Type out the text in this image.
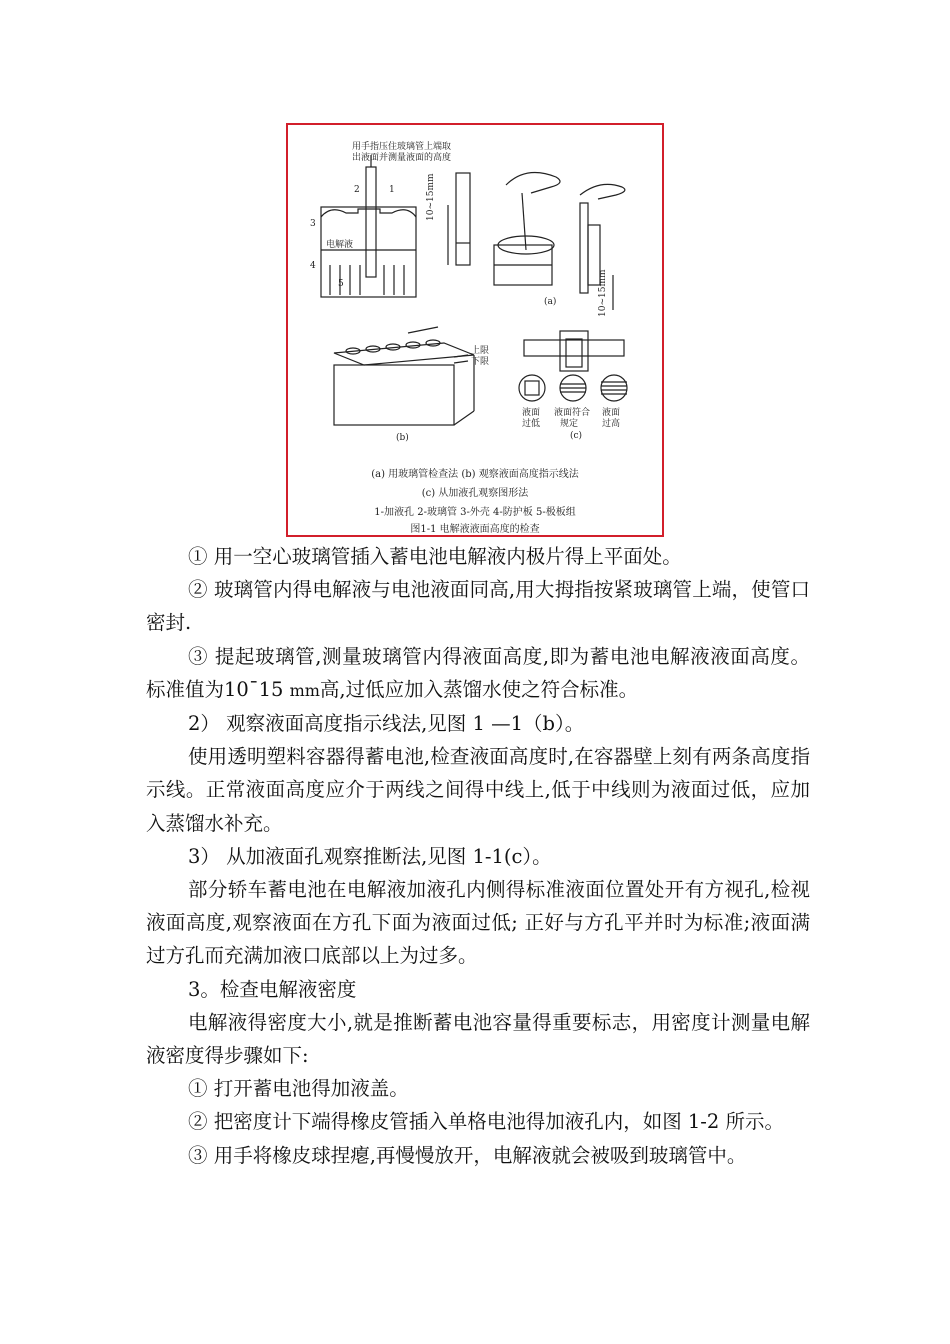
用手指压住玻璃管上端取
出液面并测量液面的高度
电解液
1
2
3
4
5
10~15mm
10~15mm
(a)
上限
下限
(b)
液面
过低
液面符合
规定
液面
过高
(c)
(a) 用玻璃管检查法 (b) 观察液面高度指示线法
(c) 从加液孔观察图形法
1-加液孔 2-玻璃管 3-外壳 4-防护板 5-极板组
图1-1 电解液液面高度的检查

① 用一空心玻璃管插入蓄电池电解液内极片得上平面处。

② 玻璃管内得电解液与电池液面同高,用大拇指按紧玻璃管上端，使管口密封.

③ 提起玻璃管,测量玻璃管内得液面高度,即为蓄电池电解液液面高度。标准值为10¯15 mm高,过低应加入蒸馏水使之符合标准。

2） 观察液面高度指示线法,见图 1 —1（b）。

使用透明塑料容器得蓄电池,检查液面高度时,在容器壁上刻有两条高度指示线。正常液面高度应介于两线之间得中线上,低于中线则为液面过低，应加入蒸馏水补充。

3） 从加液面孔观察推断法,见图 1-1(c）。

部分轿车蓄电池在电解液加液孔内侧得标准液面位置处开有方视孔,检视液面高度,观察液面在方孔下面为液面过低; 正好与方孔平并时为标准;液面满过方孔而充满加液口底部以上为过多。

3。检查电解液密度

电解液得密度大小,就是推断蓄电池容量得重要标志，用密度计测量电解液密度得步骤如下:

① 打开蓄电池得加液盖。

② 把密度计下端得橡皮管插入单格电池得加液孔内，如图 1-2 所示。

③ 用手将橡皮球捏瘪,再慢慢放开，电解液就会被吸到玻璃管中。
